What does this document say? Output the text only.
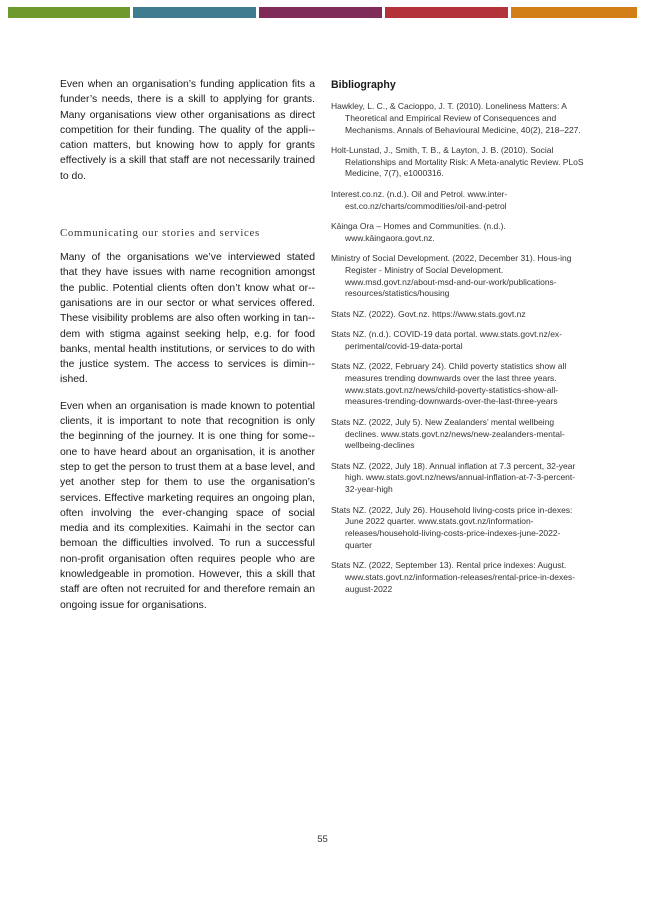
Even when an organisation’s funding application fits a funder’s needs, there is a skill to applying for grants. Many organisations view other organisations as direct competition for their funding. The quality of the appli-cation matters, but knowing how to apply for grants effectively is a skill that staff are not necessarily trained to do.

Communicating our stories and services

Many of the organisations we’ve interviewed stated that they have issues with name recognition amongst the public. Potential clients often don’t know what or-ganisations are in our sector or what services offered. These visibility problems are also often working in tan-dem with stigma against seeking help, e.g. for food banks, mental health institutions, or services to do with the justice system. The access to services is dimin-ished.

Even when an organisation is made known to potential clients, it is important to note that recognition is only the beginning of the journey. It is one thing for some-one to have heard about an organisation, it is another step to get the person to trust them at a base level, and yet another step for them to use the organisation’s services. Effective marketing requires an ongoing plan, often involving the ever-changing space of social media and its complexities. Kaimahi in the sector can bemoan the difficulties involved. To run a successful non-profit organisation often requires people who are knowledgeable in promotion. However, this a skill that staff are often not recruited for and therefore remain an ongoing issue for organisations.

Bibliography

Hawkley, L. C., & Cacioppo, J. T. (2010). Loneliness Matters: A Theoretical and Empirical Review of Consequences and Mechanisms. Annals of Behavioural Medicine, 40(2), 218–227.

Holt-Lunstad, J., Smith, T. B., & Layton, J. B. (2010). Social Relationships and Mortality Risk: A Meta-analytic Review. PLoS Medicine, 7(7), e1000316.

Interest.co.nz. (n.d.). Oil and Petrol. www.inter-est.co.nz/charts/commodities/oil-and-petrol

Kāinga Ora – Homes and Communities. (n.d.). www.kāingaora.govt.nz.

Ministry of Social Development. (2022, December 31). Hous-ing Register - Ministry of Social Development. www.msd.govt.nz/about-msd-and-our-work/publications-resources/statistics/housing

Stats NZ. (2022). Govt.nz. https://www.stats.govt.nz

Stats NZ. (n.d.). COVID-19 data portal. www.stats.govt.nz/ex-perimental/covid-19-data-portal

Stats NZ. (2022, February 24). Child poverty statistics show all measures trending downwards over the last three years. www.stats.govt.nz/news/child-poverty-statistics-show-all-measures-trending-downwards-over-the-last-three-years

Stats NZ. (2022, July 5). New Zealanders’ mental wellbeing declines. www.stats.govt.nz/news/new-zealanders-mental-wellbeing-declines

Stats NZ. (2022, July 18). Annual inflation at 7.3 percent, 32-year high. www.stats.govt.nz/news/annual-inflation-at-7-3-percent-32-year-high

Stats NZ. (2022, July 26). Household living-costs price in-dexes: June 2022 quarter. www.stats.govt.nz/information-releases/household-living-costs-price-indexes-june-2022-quarter

Stats NZ. (2022, September 13). Rental price indexes: August. www.stats.govt.nz/information-releases/rental-price-in-dexes-august-2022

55
